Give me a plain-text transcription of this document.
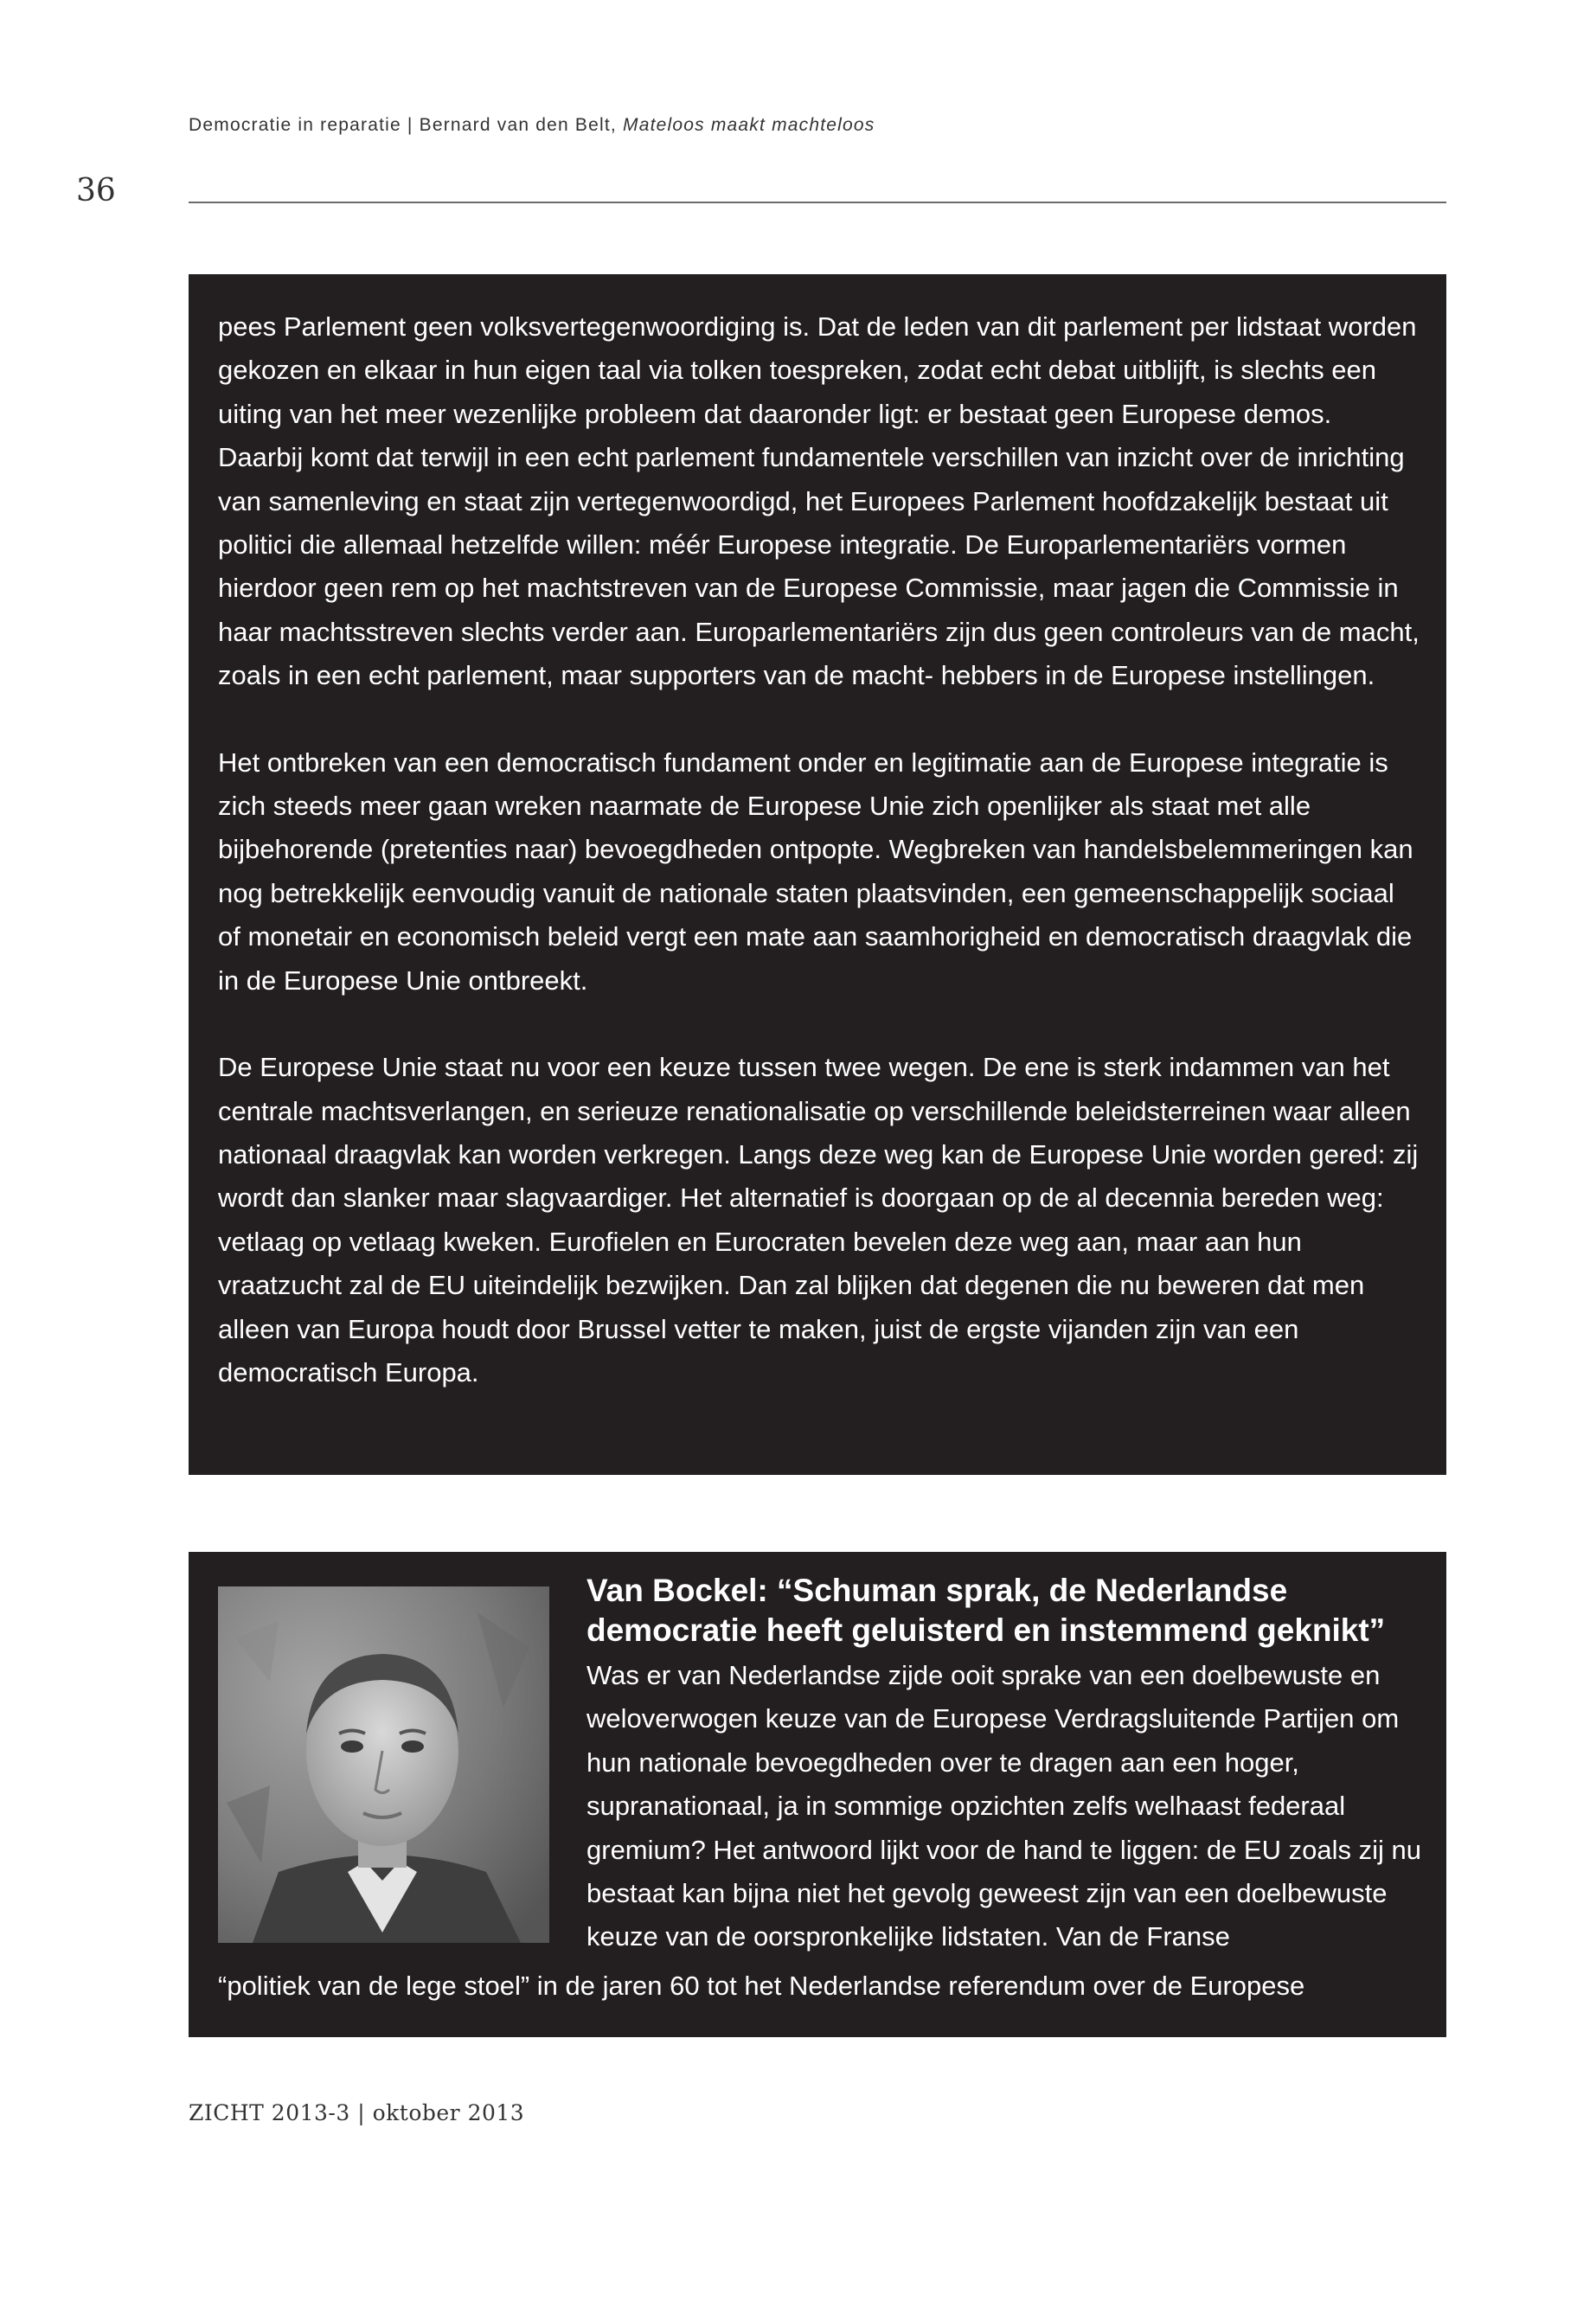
Democratie in reparatie | Bernard van den Belt, Mateloos maakt machteloos
36

pees Parlement geen volksvertegenwoordiging is. Dat de leden van dit parlement per lidstaat worden gekozen en elkaar in hun eigen taal via tolken toespreken, zodat echt debat uitblijft, is slechts een uiting van het meer wezenlijke probleem dat daaronder ligt: er bestaat geen Europese demos. Daarbij komt dat terwijl in een echt parlement fundamentele verschillen van inzicht over de inrichting van samenleving en staat zijn vertegenwoordigd, het Europees Parlement hoofdzakelijk bestaat uit politici die allemaal hetzelfde willen: méér Europese integratie. De Europarlementariërs vormen hierdoor geen rem op het machtstreven van de Europese Commissie, maar jagen die Commissie in haar machtsstreven slechts verder aan. Europarlementariërs zijn dus geen controleurs van de macht, zoals in een echt parlement, maar supporters van de macht- hebbers in de Europese instellingen.

Het ontbreken van een democratisch fundament onder en legitimatie aan de Europese integratie is zich steeds meer gaan wreken naarmate de Europese Unie zich openlijker als staat met alle bijbehorende (pretenties naar) bevoegdheden ontpopte. Wegbreken van handelsbelemmeringen kan nog betrekkelijk eenvoudig vanuit de nationale staten plaatsvinden, een gemeenschappelijk sociaal of monetair en economisch beleid vergt een mate aan saamhorigheid en democratisch draagvlak die in de Europese Unie ontbreekt.

De Europese Unie staat nu voor een keuze tussen twee wegen. De ene is sterk indammen van het centrale machtsverlangen, en serieuze renationalisatie op verschillende beleidsterreinen waar alleen nationaal draagvlak kan worden verkregen. Langs deze weg kan de Europese Unie worden gered: zij wordt dan slanker maar slagvaardiger. Het alternatief is doorgaan op de al decennia bereden weg: vetlaag op vetlaag kweken. Eurofielen en Eurocraten bevelen deze weg aan, maar aan hun vraatzucht zal de EU uiteindelijk bezwijken. Dan zal blijken dat degenen die nu beweren dat men alleen van Europa houdt door Brussel vetter te maken, juist de ergste vijanden zijn van een democratisch Europa.

Van Bockel: “Schuman sprak, de Nederlandse democratie heeft geluisterd en instemmend geknikt”

Was er van Nederlandse zijde ooit sprake van een doelbewuste en weloverwogen keuze van de Europese Verdragsluitende Partijen om hun nationale bevoegdheden over te dragen aan een hoger, supranationaal, ja in sommige opzichten zelfs welhaast federaal gremium? Het antwoord lijkt voor de hand te liggen: de EU zoals zij nu bestaat kan bijna niet het gevolg geweest zijn van een doelbewuste keuze van de oorspronkelijke lidstaten. Van de Franse

“politiek van de lege stoel” in de jaren 60 tot het Nederlandse referendum over de Europese
ZICHT 2013-3 | oktober 2013
